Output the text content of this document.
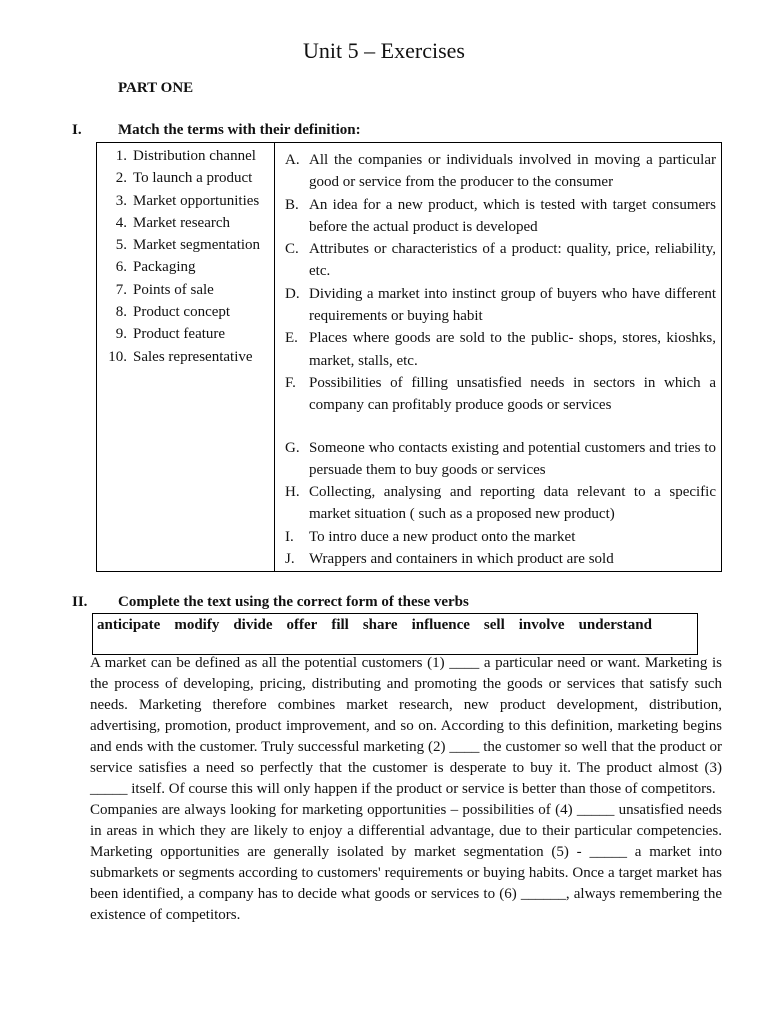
Unit 5 – Exercises
PART ONE
I. Match the terms with their definition:
1. Distribution channel
2. To launch a product
3. Market opportunities
4. Market research
5. Market segmentation
6. Packaging
7. Points of sale
8. Product concept
9. Product feature
10. Sales representative
A. All the companies or individuals involved in moving a particular good or service from the producer to the consumer
B. An idea for a new product, which is tested with target consumers before the actual product is developed
C. Attributes or characteristics of a product: quality, price, reliability, etc.
D. Dividing a market into instinct group of buyers who have different requirements or buying habit
E. Places where goods are sold to the public- shops, stores, kioshks, market, stalls, etc.
F. Possibilities of filling unsatisfied needs in sectors in which a company can profitably produce goods or services
G. Someone who contacts existing and potential customers and tries to persuade them to buy goods or services
H. Collecting, analysing and reporting data relevant to a specific market situation ( such as a proposed new product)
I.	To intro duce a new product onto the market
J. Wrappers and containers in which product are sold
II. Complete the text using the correct form of these verbs
anticipate modify divide offer fill share influence sell involve understand

A market can be defined as all the potential customers (1) ____ a particular need or want. Marketing is the process of developing, pricing, distributing and promoting the goods or services that satisfy such needs. Marketing therefore combines market research, new product development, distribution, advertising, promotion, product improvement, and so on. According to this definition, marketing begins and ends with the customer. Truly successful marketing (2) ____ the customer so well that the product or service satisfies a need so perfectly that the customer is desperate to buy it. The product almost (3) _____ itself. Of course this will only happen if the product or service is better than those of competitors.

Companies are always looking for marketing opportunities – possibilities of (4) _____ unsatisfied needs in areas in which they are likely to enjoy a differential advantage, due to their particular competencies. Marketing opportunities are generally isolated by market segmentation (5) - _____ a market into submarkets or segments according to customers' requirements or buying habits. Once a target market has been identified, a company has to decide what goods or services to (6) ______, always remembering the existence of competitors.
